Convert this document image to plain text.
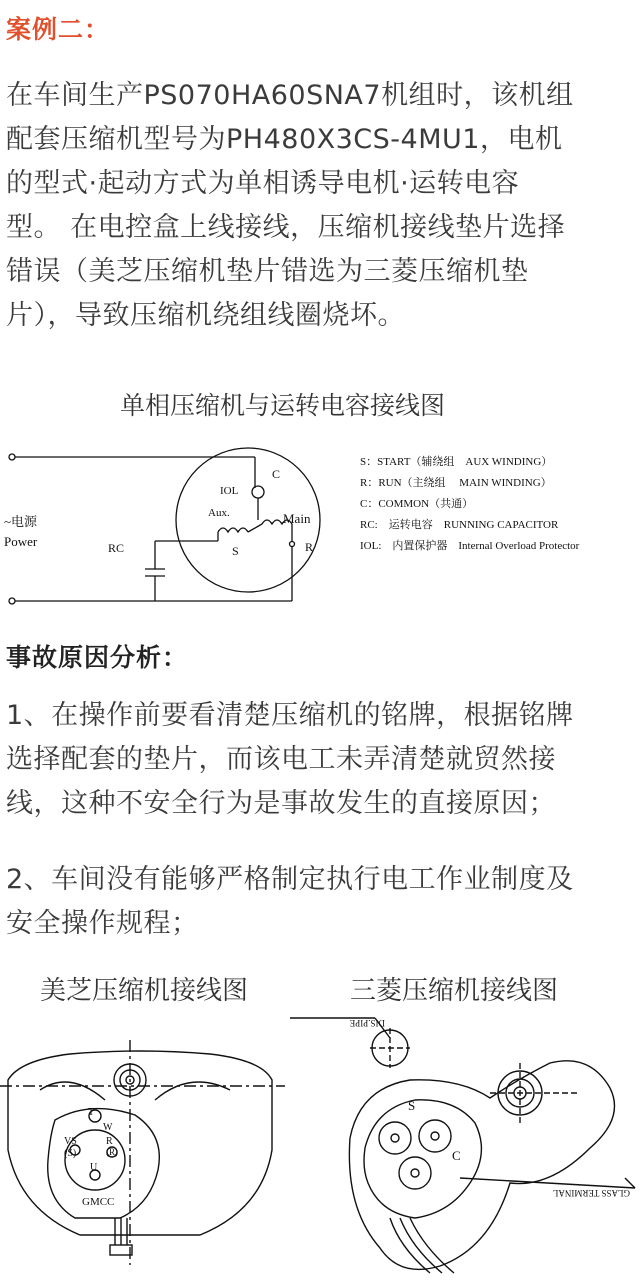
案例二：
在车间生产PS070HA60SNA7机组时，该机组
配套压缩机型号为PH480X3CS-4MU1，电机
的型式·起动方式为单相诱导电机·运转电容
型。 在电控盒上线接线，压缩机接线垫片选择
错误（美芝压缩机垫片错选为三菱压缩机垫
片），导致压缩机绕组线圈烧坏。
单相压缩机与运转电容接线图
IOL
C
Aux.	Main
S	R
RC
~电源
Power
S：START（辅绕组　AUX WINDING）
R：RUN（主绕组　 MAIN WINDING）
C：COMMON（共通）
RC:　运转电容　RUNNING CAPACITOR
IOL:　内置保护器　Internal Overload Protector
事故原因分析：
1、在操作前要看清楚压缩机的铭牌，根据铭牌
选择配套的垫片，而该电工未弄清楚就贸然接
线，这种不安全行为是事故发生的直接原因；
2、车间没有能够严格制定执行电工作业制度及
安全操作规程；
美芝压缩机接线图	三菱压缩机接线图
T
W
VS
(S)
R
(R)
U
GMCC
DIS.PIPE
S
C
GLASS TERMINAL
